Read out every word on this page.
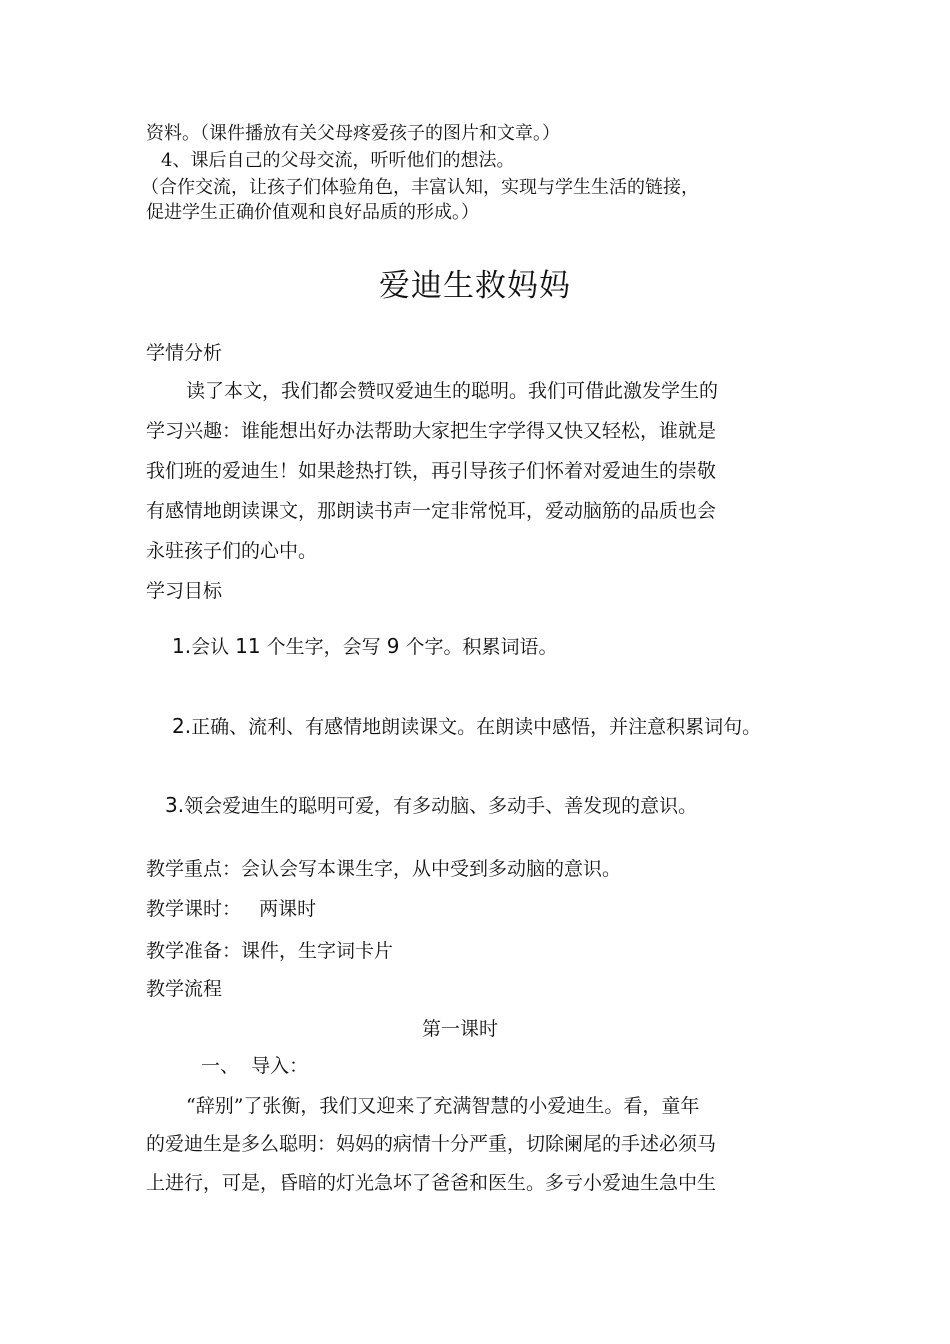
资料。（课件播放有关父母疼爱孩子的图片和文章。）

4、课后自己的父母交流，听听他们的想法。

（合作交流，让孩子们体验角色，丰富认知，实现与学生生活的链接，

促进学生正确价值观和良好品质的形成。）

爱迪生救妈妈

学情分析

读了本文，我们都会赞叹爱迪生的聪明。我们可借此激发学生的

学习兴趣：谁能想出好办法帮助大家把生字学得又快又轻松，谁就是

我们班的爱迪生！如果趁热打铁，再引导孩子们怀着对爱迪生的崇敬

有感情地朗读课文，那朗读书声一定非常悦耳，爱动脑筋的品质也会

永驻孩子们的心中。

学习目标

1.会认 11 个生字，会写 9 个字。积累词语。

2.正确、流利、有感情地朗读课文。在朗读中感悟，并注意积累词句。

3.领会爱迪生的聪明可爱，有多动脑、多动手、善发现的意识。

教学重点：会认会写本课生字，从中受到多动脑的意识。

教学课时：   两课时

教学准备：课件，生字词卡片

教学流程

第一课时

一、  导入：

“辞别”了张衡，我们又迎来了充满智慧的小爱迪生。看，童年

的爱迪生是多么聪明：妈妈的病情十分严重，切除阑尾的手述必须马

上进行，可是，昏暗的灯光急坏了爸爸和医生。多亏小爱迪生急中生
